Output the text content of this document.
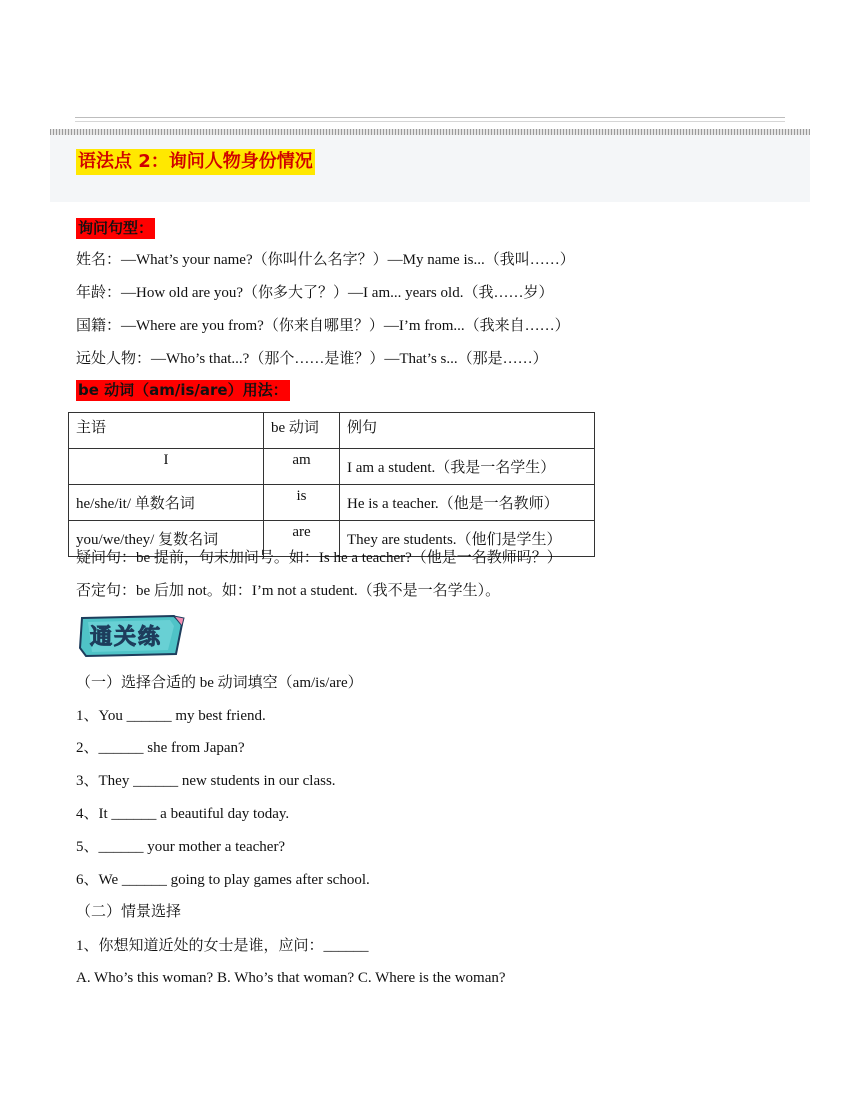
语法点 2：询问人物身份情况
询问句型：
姓名：—What’s your name?（你叫什么名字？）—My name is...（我叫……）
年龄：—How old are you?（你多大了？）—I am... years old.（我……岁）
国籍：—Where are you from?（你来自哪里？）—I’m from...（我来自……）
远处人物：—Who’s that...?（那个……是谁？）—That’s s...（那是……）
be 动词（am/is/are）用法：
主语	be 动词	例句
I	am	I am a student.（我是一名学生）
he/she/it/ 单数名词	is	He is a teacher.（他是一名教师）
you/we/they/ 复数名词	are	They are students.（他们是学生）
疑问句：be 提前，句末加问号。如：Is he a teacher?（他是一名教师吗？）
否定句：be 后加 not。如：I’m not a student.（我不是一名学生）。
通关练
（一）选择合适的 be 动词填空（am/is/are）
1、You ______ my best friend.
2、______ she from Japan?
3、They ______ new students in our class.
4、It ______ a beautiful day today.
5、______ your mother a teacher?
6、We ______ going to play games after school.
（二）情景选择
1、你想知道近处的女士是谁，应问：______
A. Who’s this woman? B. Who’s that woman? C. Where is the woman?
